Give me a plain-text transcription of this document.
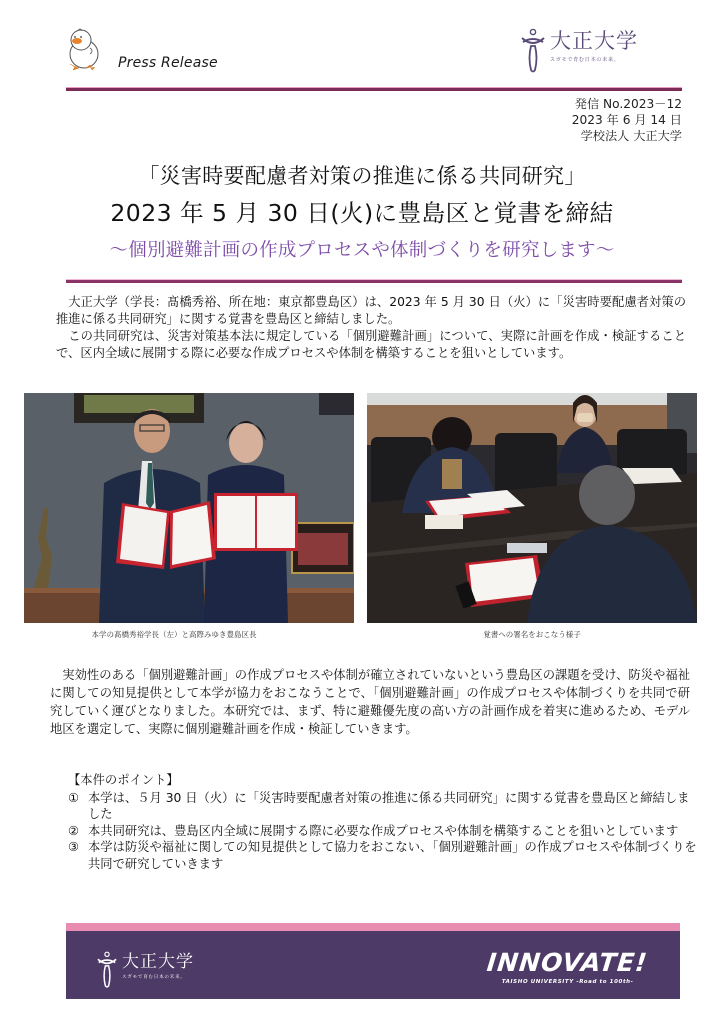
Press Release
大正大学
スガモで育む日本の未来。
発信 No.2023－12
2023 年 6 月 14 日
学校法人 大正大学
「災害時要配慮者対策の推進に係る共同研究」
2023 年 5 月 30 日(火)に豊島区と覚書を締結
～個別避難計画の作成プロセスや体制づくりを研究します～

大正大学（学長：髙橋秀裕、所在地：東京都豊島区）は、2023 年 5 月 30 日（火）に「災害時要配慮者対策の推進に係る共同研究」に関する覚書を豊島区と締結しました。

この共同研究は、災害対策基本法に規定している「個別避難計画」について、実際に計画を作成・検証することで、区内全域に展開する際に必要な作成プロセスや体制を構築することを狙いとしています。

本学の髙橋秀裕学長（左）と高際みゆき豊島区長	覚書への署名をおこなう様子

実効性のある「個別避難計画」の作成プロセスや体制が確立されていないという豊島区の課題を受け、防災や福祉に関しての知見提供として本学が協力をおこなうことで、「個別避難計画」の作成プロセスや体制づくりを共同で研究していく運びとなりました。本研究では、まず、特に避難優先度の高い方の計画作成を着実に進めるため、モデル地区を選定して、実際に個別避難計画を作成・検証していきます。

【本件のポイント】
① 本学は、５月 30 日（火）に「災害時要配慮者対策の推進に係る共同研究」に関する覚書を豊島区と締結しました
② 本共同研究は、豊島区内全域に展開する際に必要な作成プロセスや体制を構築することを狙いとしています
③ 本学は防災や福祉に関しての知見提供として協力をおこない、「個別避難計画」の作成プロセスや体制づくりを共同で研究していきます
大正大学
スガモで育む日本の未来。
INNOVATE!
TAISHO UNIVERSITY -Road to 100th-
